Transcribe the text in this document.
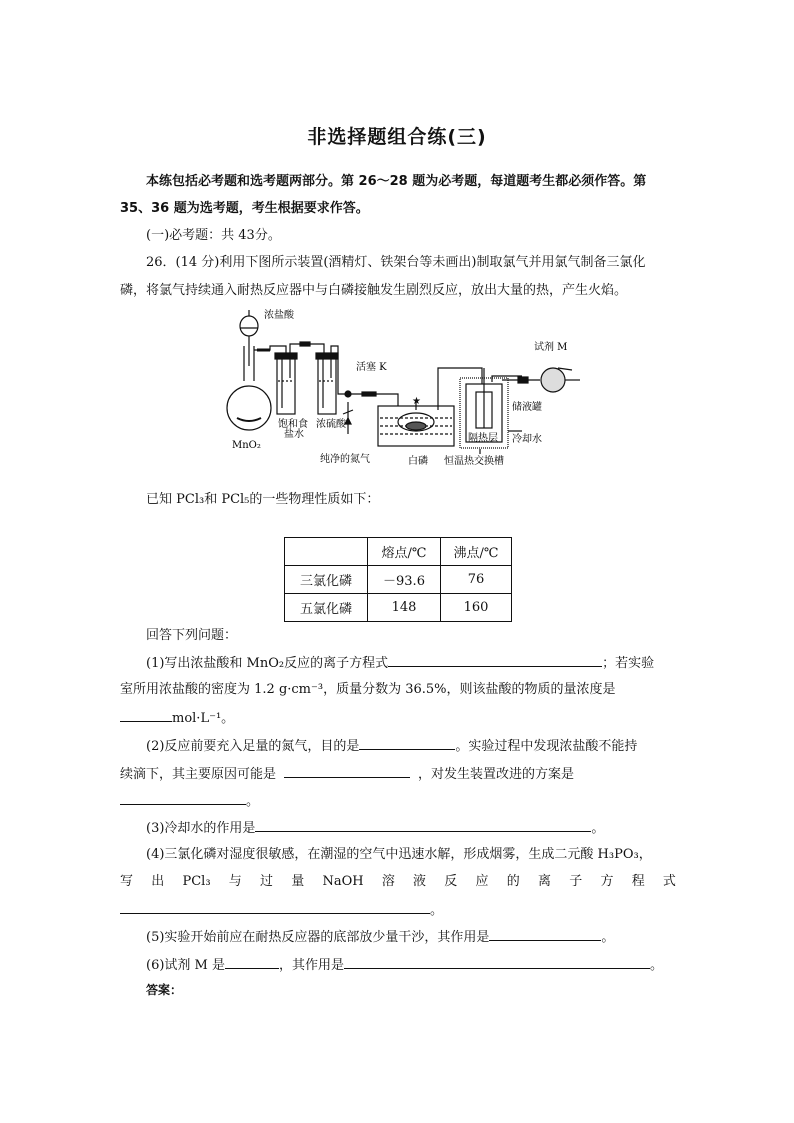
非选择题组合练(三)
本练包括必考题和选考题两部分。第 26～28 题为必考题，每道题考生都必须作答。第
35、36 题为选考题，考生根据要求作答。
(一)必考题：共 43分。
26．(14 分)利用下图所示装置(酒精灯、铁架台等未画出)制取氯气并用氯气制备三氯化
磷，将氯气持续通入耐热反应器中与白磷接触发生剧烈反应，放出大量的热，产生火焰。
★
浓盐酸
MnO₂
饱和食
盐水
浓硫酸
活塞 K
纯净的氮气	白磷 恒温热交换槽
试剂 M
储液罐
隔热层 冷却水
已知 PCl₃和 PCl₅的一些物理性质如下：
	熔点/℃	沸点/℃
三氯化磷	－93.6	76
五氯化磷	148	160
回答下列问题：
(1)写出浓盐酸和 MnO₂反应的离子方程式	；若实验
室所用浓盐酸的密度为 1.2 g·cm⁻³，质量分数为 36.5%，则该盐酸的物质的量浓度是
mol·L⁻¹。
(2)反应前要充入足量的氮气，目的是	。实验过程中发现浓盐酸不能持
续滴下，其主要原因可能是	，对发生装置改进的方案是
。
(3)冷却水的作用是	。
(4)三氯化磷对湿度很敏感，在潮湿的空气中迅速水解，形成烟雾，生成二元酸 H₃PO₃，
写 出 PCl₃ 与 过 量 NaOH 溶 液 反 应 的 离 子 方 程 式
。
(5)实验开始前应在耐热反应器的底部放少量干沙，其作用是	。
(6)试剂 M 是	，其作用是	。
答案：
